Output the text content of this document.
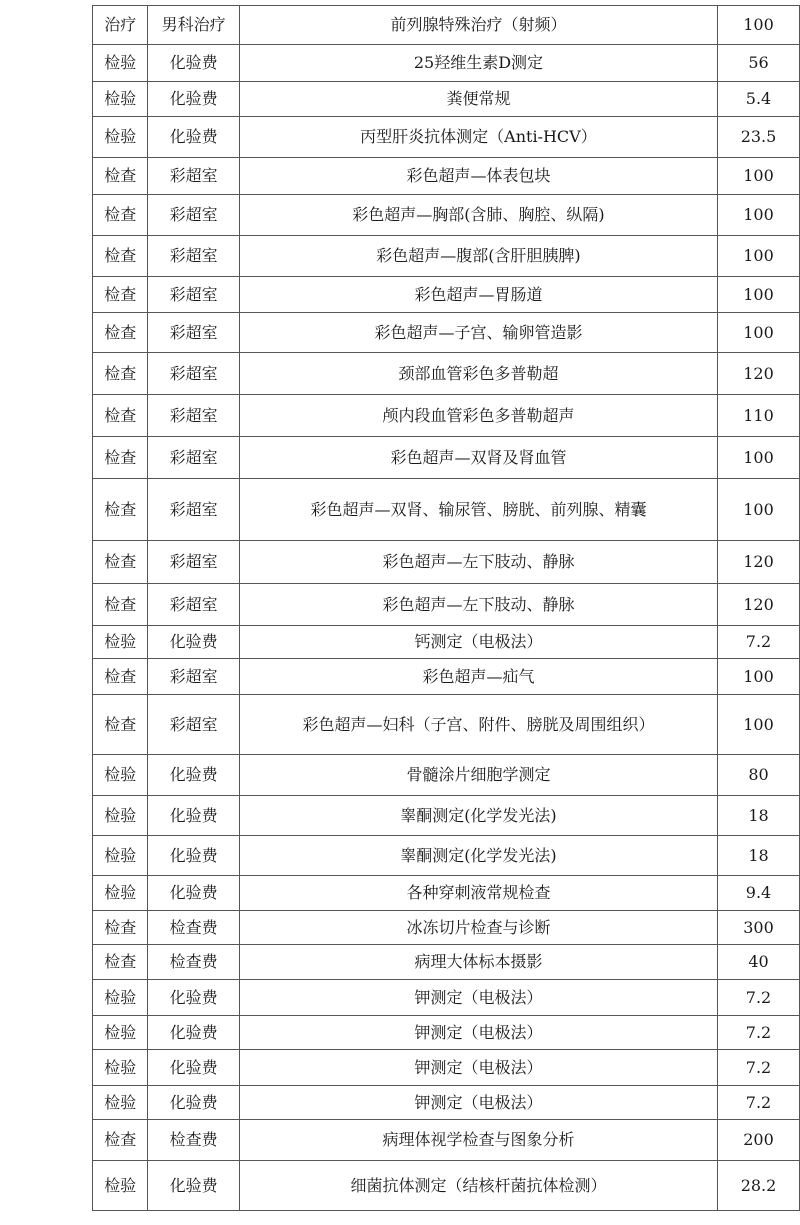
治疗	男科治疗	前列腺特殊治疗（射频）	100
检验	化验费	25羟维生素D测定	56
检验	化验费	粪便常规	5.4
检验	化验费	丙型肝炎抗体测定（Anti-HCV）	23.5
检查	彩超室	彩色超声—体表包块	100
检查	彩超室	彩色超声—胸部(含肺、胸腔、纵隔)	100
检查	彩超室	彩色超声—腹部(含肝胆胰脾)	100
检查	彩超室	彩色超声—胃肠道	100
检查	彩超室	彩色超声—子宫、输卵管造影	100
检查	彩超室	颈部血管彩色多普勒超	120
检查	彩超室	颅内段血管彩色多普勒超声	110
检查	彩超室	彩色超声—双肾及肾血管	100
检查	彩超室	彩色超声—双肾、输尿管、膀胱、前列腺、精囊	100
检查	彩超室	彩色超声—左下肢动、静脉	120
检查	彩超室	彩色超声—左下肢动、静脉	120
检验	化验费	钙测定（电极法）	7.2
检查	彩超室	彩色超声—疝气	100
检查	彩超室	彩色超声—妇科（子宫、附件、膀胱及周围组织）	100
检验	化验费	骨髓涂片细胞学测定	80
检验	化验费	睾酮测定(化学发光法)	18
检验	化验费	睾酮测定(化学发光法)	18
检验	化验费	各种穿刺液常规检查	9.4
检查	检查费	冰冻切片检查与诊断	300
检查	检查费	病理大体标本摄影	40
检验	化验费	钾测定（电极法）	7.2
检验	化验费	钾测定（电极法）	7.2
检验	化验费	钾测定（电极法）	7.2
检验	化验费	钾测定（电极法）	7.2
检查	检查费	病理体视学检查与图象分析	200
检验	化验费	细菌抗体测定（结核杆菌抗体检测）	28.2
